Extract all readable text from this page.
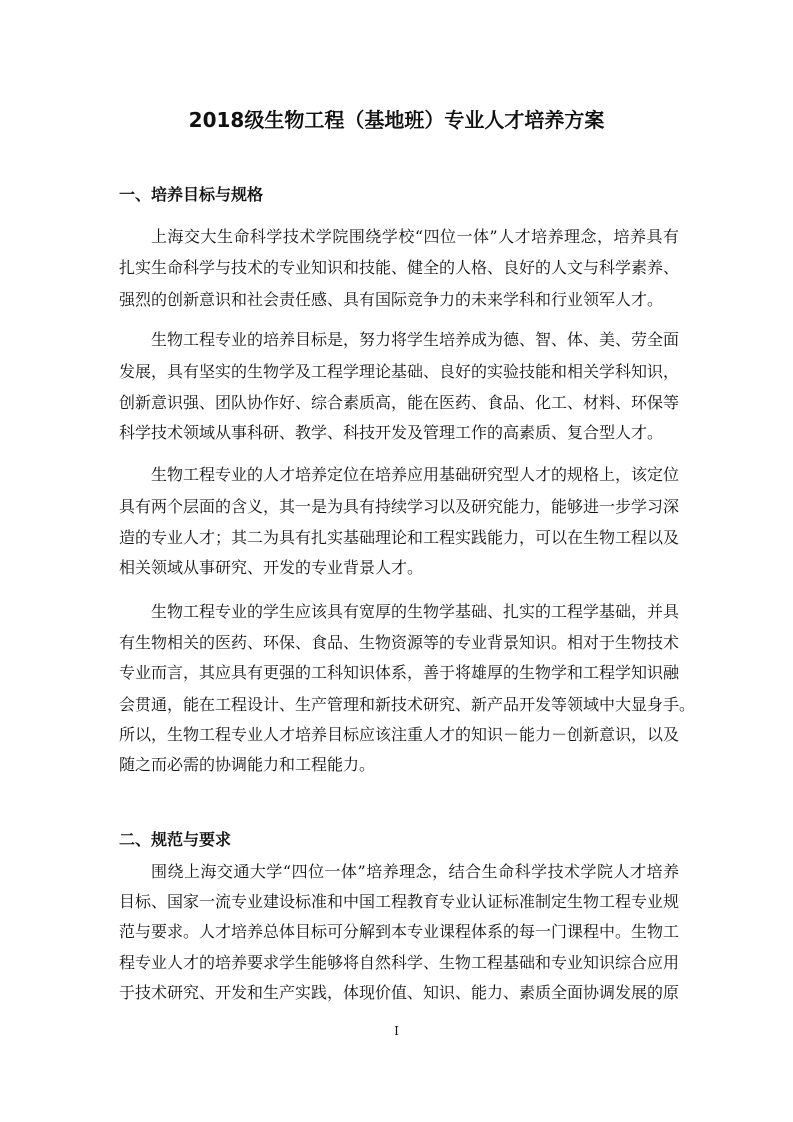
2018级生物工程（基地班）专业人才培养方案
一、培养目标与规格
上海交大生命科学技术学院围绕学校“四位一体”人才培养理念，培养具有
扎实生命科学与技术的专业知识和技能、健全的人格、良好的人文与科学素养、
强烈的创新意识和社会责任感、具有国际竞争力的未来学科和行业领军人才。
生物工程专业的培养目标是，努力将学生培养成为德、智、体、美、劳全面
发展，具有坚实的生物学及工程学理论基础、良好的实验技能和相关学科知识，
创新意识强、团队协作好、综合素质高，能在医药、食品、化工、材料、环保等
科学技术领域从事科研、教学、科技开发及管理工作的高素质、复合型人才。
生物工程专业的人才培养定位在培养应用基础研究型人才的规格上，该定位
具有两个层面的含义，其一是为具有持续学习以及研究能力，能够进一步学习深
造的专业人才；其二为具有扎实基础理论和工程实践能力，可以在生物工程以及
相关领域从事研究、开发的专业背景人才。
生物工程专业的学生应该具有宽厚的生物学基础、扎实的工程学基础，并具
有生物相关的医药、环保、食品、生物资源等的专业背景知识。相对于生物技术
专业而言，其应具有更强的工科知识体系，善于将雄厚的生物学和工程学知识融
会贯通，能在工程设计、生产管理和新技术研究、新产品开发等领域中大显身手。
所以，生物工程专业人才培养目标应该注重人才的知识－能力－创新意识，以及
随之而必需的协调能力和工程能力。
二、规范与要求
围绕上海交通大学“四位一体”培养理念，结合生命科学技术学院人才培养
目标、国家一流专业建设标准和中国工程教育专业认证标准制定生物工程专业规
范与要求。人才培养总体目标可分解到本专业课程体系的每一门课程中。生物工
程专业人才的培养要求学生能够将自然科学、生物工程基础和专业知识综合应用
于技术研究、开发和生产实践，体现价值、知识、能力、素质全面协调发展的原
I
